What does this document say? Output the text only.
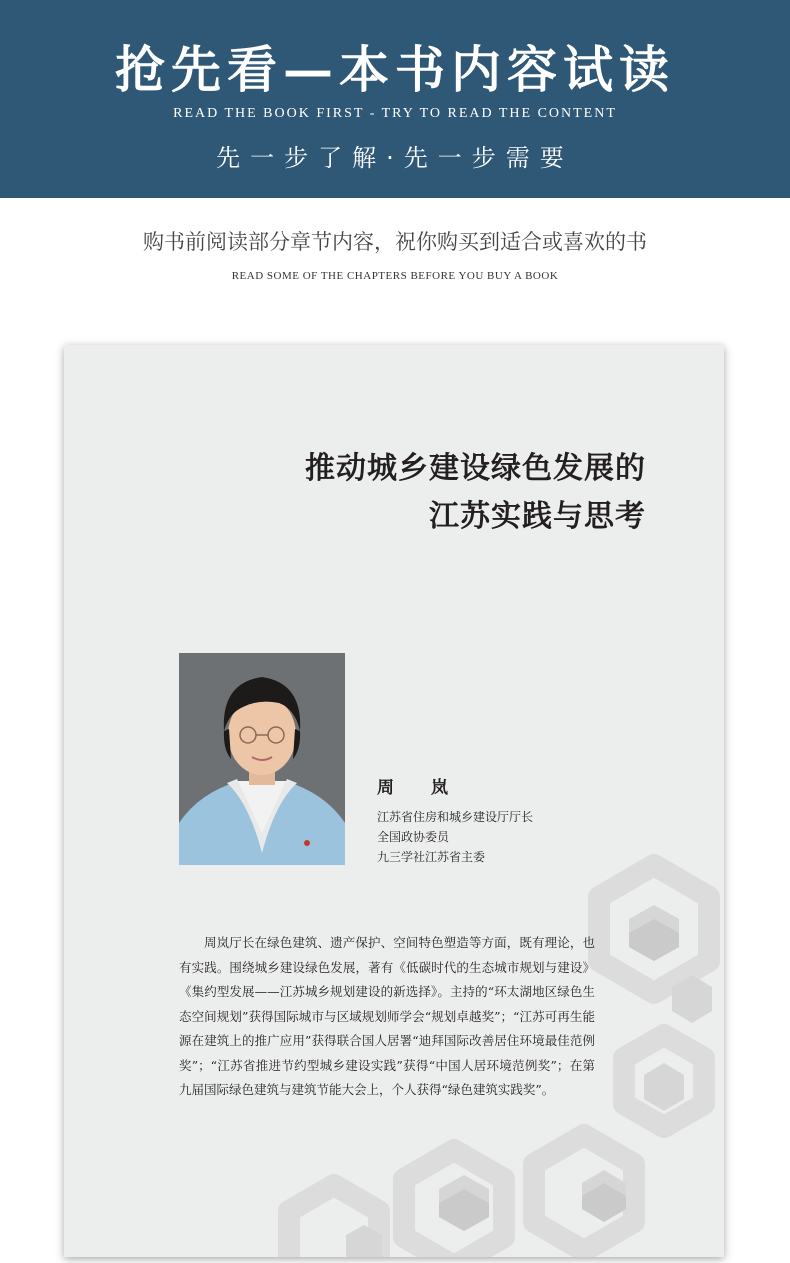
抢先看—本书内容试读
READ THE BOOK FIRST - TRY TO READ THE CONTENT
先一步了解·先一步需要
购书前阅读部分章节内容，祝你购买到适合或喜欢的书
READ SOME OF THE CHAPTERS BEFORE YOU BUY A BOOK
推动城乡建设绿色发展的
江苏实践与思考
周　岚
江苏省住房和城乡建设厅厅长
全国政协委员
九三学社江苏省主委
周岚厅长在绿色建筑、遗产保护、空间特色塑造等方面，既有理论，也有实践。围绕城乡建设绿色发展，著有《低碳时代的生态城市规划与建设》《集约型发展——江苏城乡规划建设的新选择》。主持的“环太湖地区绿色生态空间规划”获得国际城市与区域规划师学会“规划卓越奖”；“江苏可再生能源在建筑上的推广应用”获得联合国人居署“迪拜国际改善居住环境最佳范例奖”；“江苏省推进节约型城乡建设实践”获得“中国人居环境范例奖”；在第九届国际绿色建筑与建筑节能大会上，个人获得“绿色建筑实践奖”。
